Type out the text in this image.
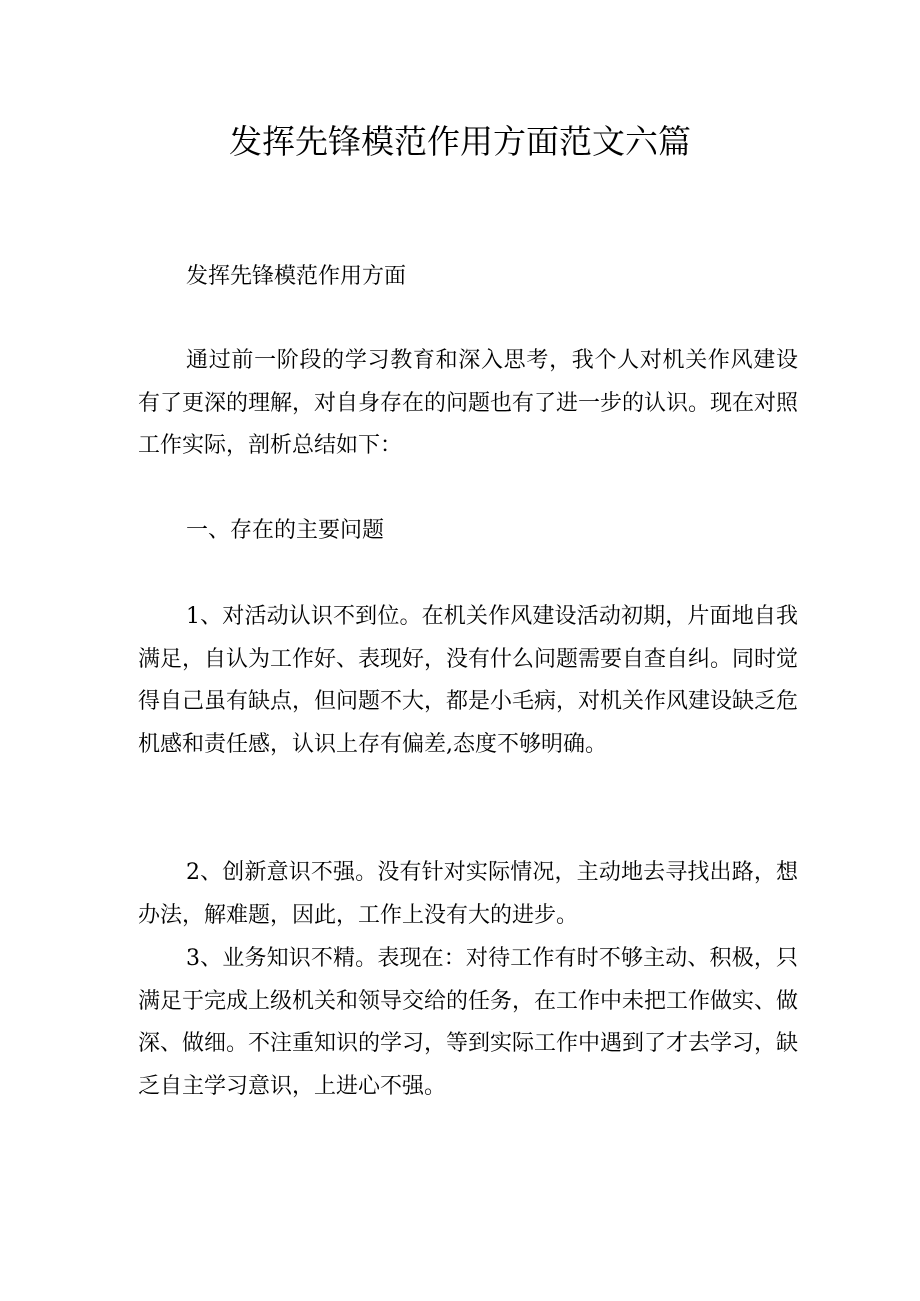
发挥先锋模范作用方面范文六篇

发挥先锋模范作用方面

通过前一阶段的学习教育和深入思考，我个人对机关作风建设有了更深的理解，对自身存在的问题也有了进一步的认识。现在对照工作实际，剖析总结如下：

一、存在的主要问题

1、对活动认识不到位。在机关作风建设活动初期，片面地自我满足，自认为工作好、表现好，没有什么问题需要自查自纠。同时觉得自己虽有缺点，但问题不大，都是小毛病，对机关作风建设缺乏危机感和责任感，认识上存有偏差,态度不够明确。

2、创新意识不强。没有针对实际情况，主动地去寻找出路，想办法，解难题，因此，工作上没有大的进步。

3、业务知识不精。表现在：对待工作有时不够主动、积极，只满足于完成上级机关和领导交给的任务，在工作中未把工作做实、做深、做细。不注重知识的学习，等到实际工作中遇到了才去学习，缺乏自主学习意识，上进心不强。
